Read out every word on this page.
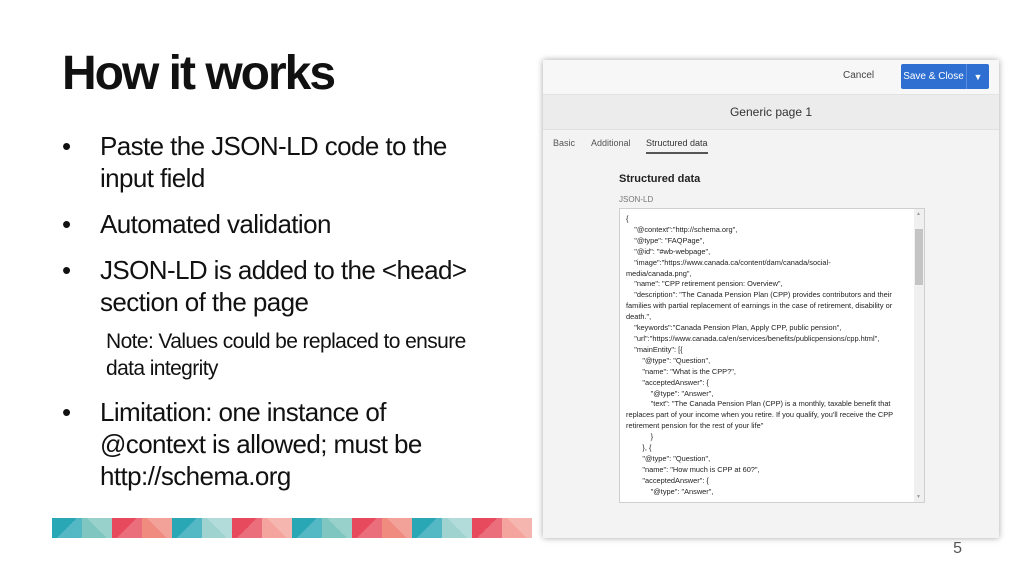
How it works
• Paste the JSON-LD code to the
input field
• Automated validation
• JSON-LD is added to the <head>
section of the page
Note: Values could be replaced to ensure
data integrity
• Limitation: one instance of
@context is allowed; must be
http://schema.org
5
Cancel	Save & Close	▼
Generic page 1
Basic Additional Structured data
Structured data
JSON-LD
{
"@context":"http://schema.org",
"@type": "FAQPage",
"@id": "#wb-webpage",
"image":"https://www.canada.ca/content/dam/canada/social-
media/canada.png",
"name": "CPP retirement pension: Overview",
"description": "The Canada Pension Plan (CPP) provides contributors and their
families with partial replacement of earnings in the case of retirement, disability or
death.",
"keywords":"Canada Pension Plan, Apply CPP, public pension",
"url":"https://www.canada.ca/en/services/benefits/publicpensions/cpp.html",
"mainEntity": [{
"@type": "Question",
"name": "What is the CPP?",
"acceptedAnswer": {
"@type": "Answer",
"text": "The Canada Pension Plan (CPP) is a monthly, taxable benefit that
replaces part of your income when you retire. If you qualify, you'll receive the CPP
retirement pension for the rest of your life"
}
}, {
"@type": "Question",
"name": "How much is CPP at 60?",
"acceptedAnswer": {
"@type": "Answer",
▲
▼
